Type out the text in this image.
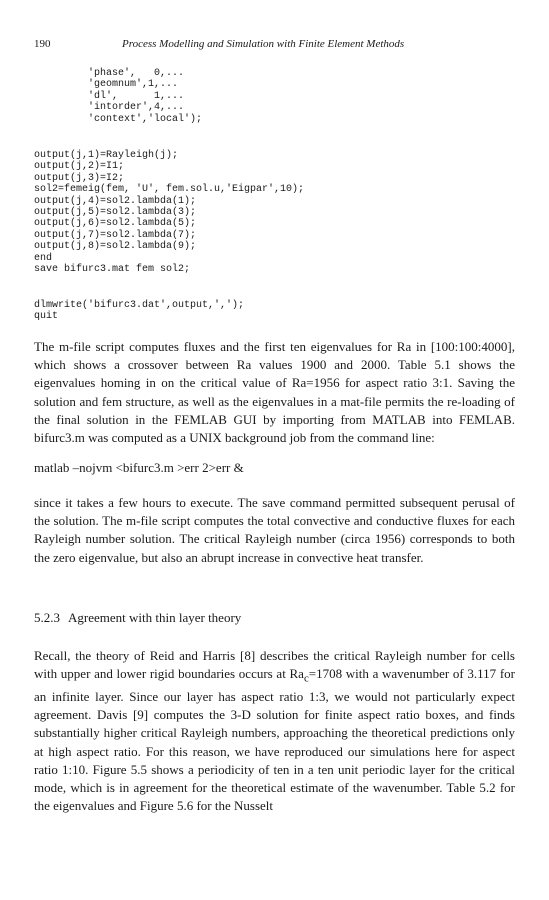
190	Process Modelling and Simulation with Finite Element Methods
'phase',   0,...
'geomnum',1,...
'dl',      1,...
'intorder',4,...
'context','local');
output(j,1)=Rayleigh(j);
output(j,2)=I1;
output(j,3)=I2;
sol2=femeig(fem, 'U', fem.sol.u,'Eigpar',10);
output(j,4)=sol2.lambda(1);
output(j,5)=sol2.lambda(3);
output(j,6)=sol2.lambda(5);
output(j,7)=sol2.lambda(7);
output(j,8)=sol2.lambda(9);
end
save bifurc3.mat fem sol2;
dlmwrite('bifurc3.dat',output,',');
quit

The m-file script computes fluxes and the first ten eigenvalues for Ra in [100:100:4000], which shows a crossover between Ra values 1900 and 2000. Table 5.1 shows the eigenvalues homing in on the critical value of Ra=1956 for aspect ratio 3:1. Saving the solution and fem structure, as well as the eigenvalues in a mat-file permits the re-loading of the final solution in the FEMLAB GUI by importing from MATLAB into FEMLAB. bifurc3.m was computed as a UNIX background job from the command line:

matlab –nojvm <bifurc3.m >err 2>err &

since it takes a few hours to execute. The save command permitted subsequent perusal of the solution. The m-file script computes the total convective and conductive fluxes for each Rayleigh number solution. The critical Rayleigh number (circa 1956) corresponds to both the zero eigenvalue, but also an abrupt increase in convective heat transfer.

5.2.3 Agreement with thin layer theory

Recall, the theory of Reid and Harris [8] describes the critical Rayleigh number for cells with upper and lower rigid boundaries occurs at $Ra_c=1708$ with a wavenumber of 3.117 for an infinite layer. Since our layer has aspect ratio 1:3, we would not particularly expect agreement. Davis [9] computes the 3-D solution for finite aspect ratio boxes, and finds substantially higher critical Rayleigh numbers, approaching the theoretical predictions only at high aspect ratio. For this reason, we have reproduced our simulations here for aspect ratio 1:10. Figure 5.5 shows a periodicity of ten in a ten unit periodic layer for the critical mode, which is in agreement for the theoretical estimate of the wavenumber. Table 5.2 for the eigenvalues and Figure 5.6 for the Nusselt
